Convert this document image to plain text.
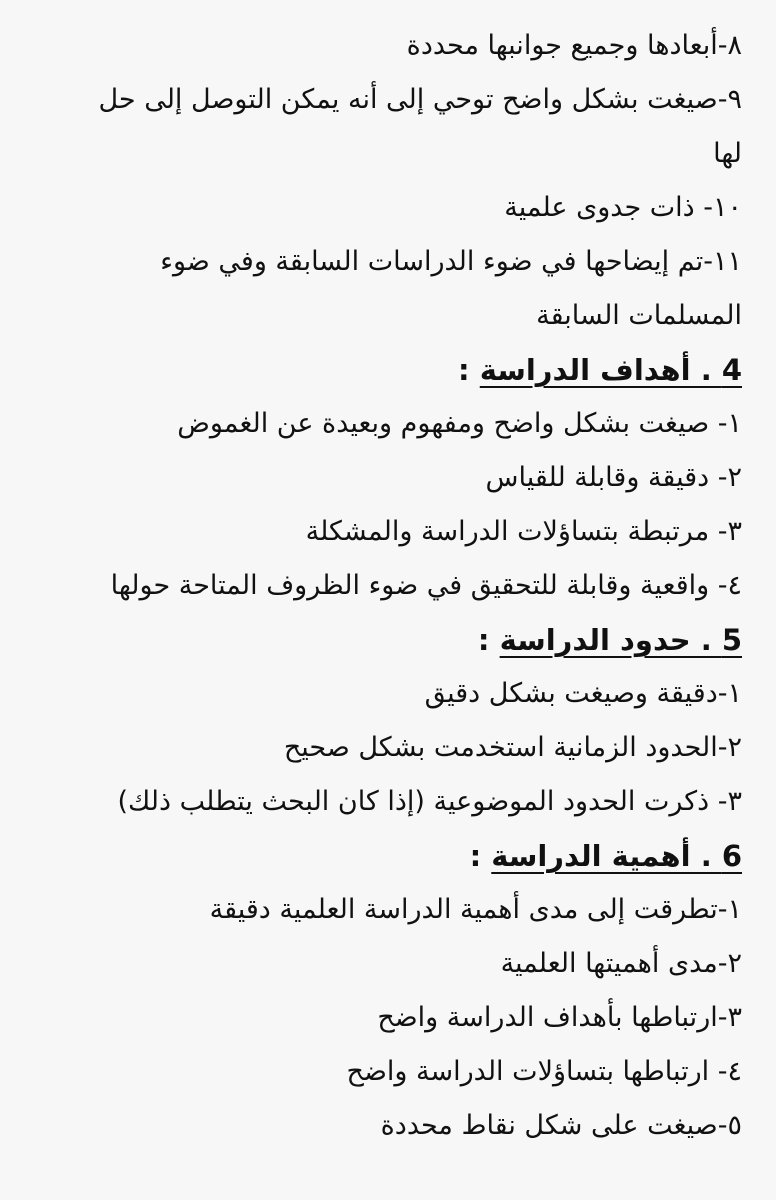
٨-أبعادها وجميع جوانبها محددة
٩-صيغت بشكل واضح توحي إلى أنه يمكن التوصل إلى حل
لها
١٠- ذات جدوى علمية
١١-تم إيضاحها في ضوء الدراسات السابقة وفي ضوء
المسلمات السابقة
4 . أهداف الدراسة :
١- صيغت بشكل واضح ومفهوم وبعيدة عن الغموض
٢- دقيقة وقابلة للقياس
٣- مرتبطة بتساؤلات الدراسة والمشكلة
٤- واقعية وقابلة للتحقيق في ضوء الظروف المتاحة حولها
5 . حدود الدراسة :
١-دقيقة وصيغت بشكل دقيق
٢-الحدود الزمانية استخدمت بشكل صحيح
٣- ذكرت الحدود الموضوعية (إذا كان البحث يتطلب ذلك)
6 . أهمية الدراسة :
١-تطرقت إلى مدى أهمية الدراسة العلمية دقيقة
٢-مدى أهميتها العلمية
٣-ارتباطها بأهداف الدراسة واضح
٤- ارتباطها بتساؤلات الدراسة واضح
٥-صيغت على شكل نقاط محددة
